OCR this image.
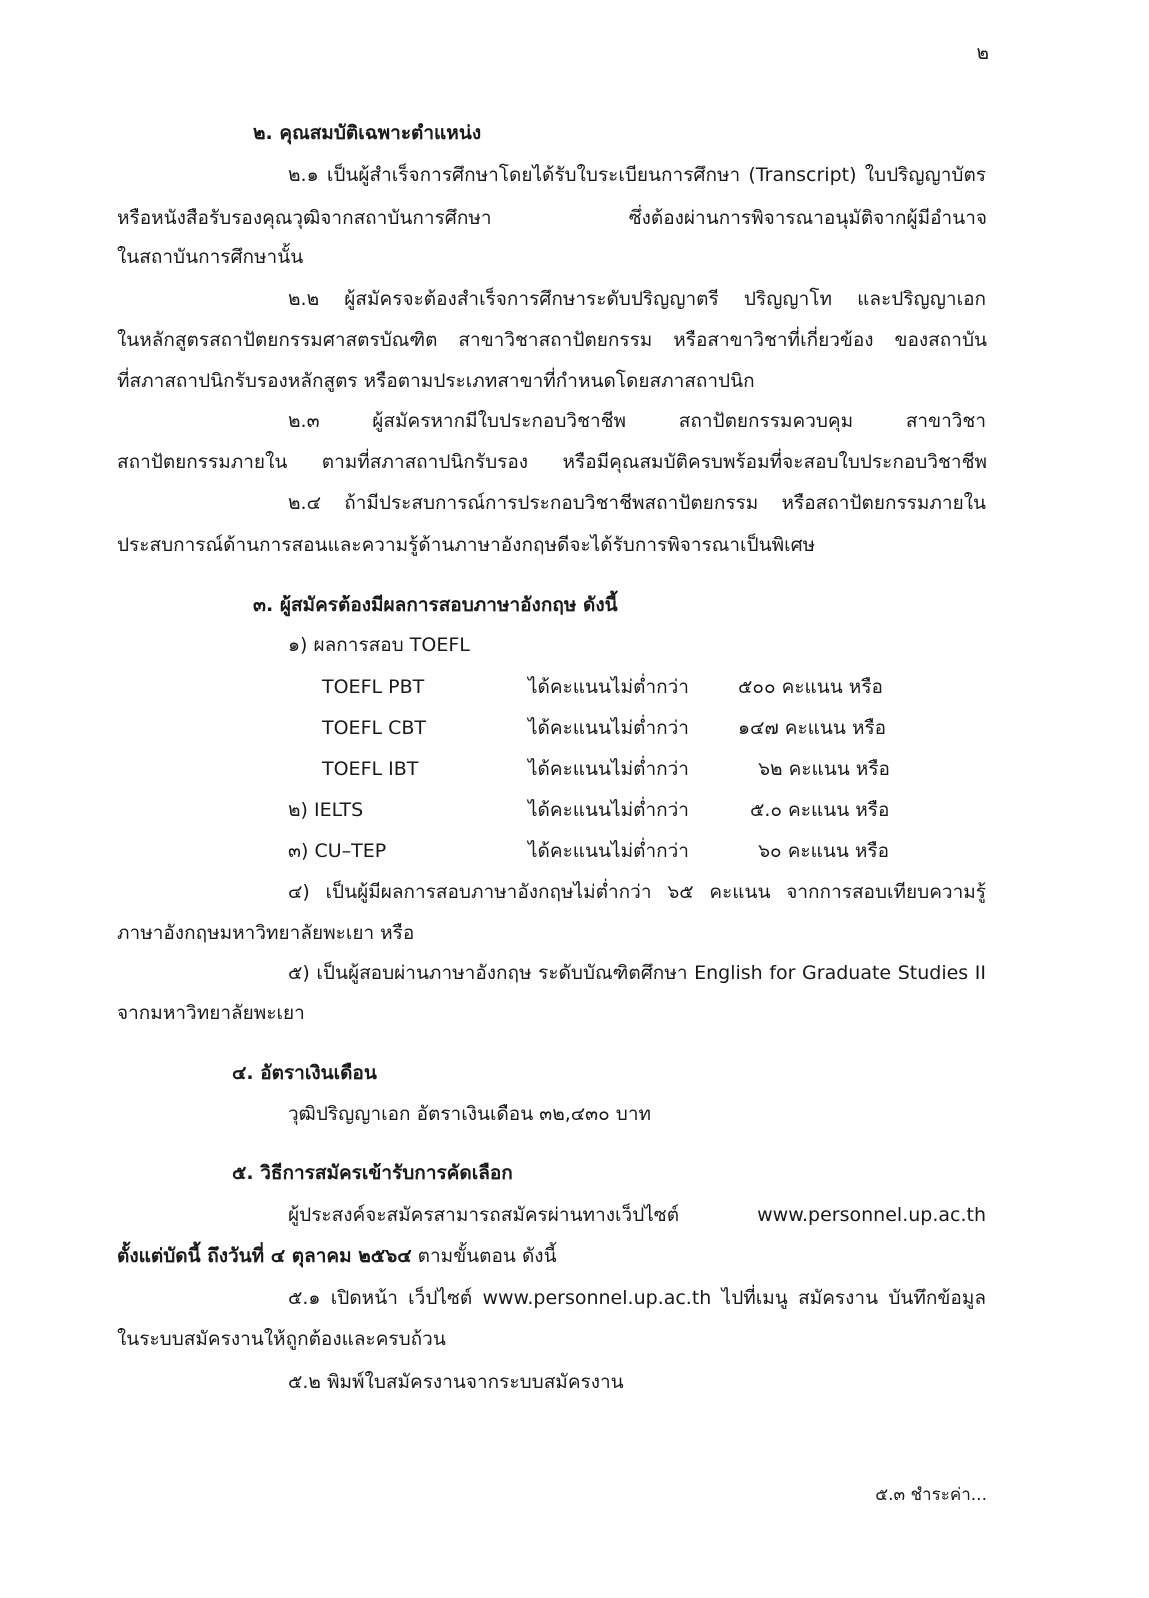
๒
๒. คุณสมบัติเฉพาะตำแหน่ง
๒.๑ เป็นผู้สำเร็จการศึกษาโดยได้รับใบระเบียนการศึกษา (Transcript) ใบปริญญาบัตร
หรือหนังสือรับรองคุณวุฒิจากสถาบันการศึกษา ซึ่งต้องผ่านการพิจารณาอนุมัติจากผู้มีอำนาจ
ในสถาบันการศึกษานั้น
๒.๒ ผู้สมัครจะต้องสำเร็จการศึกษาระดับปริญญาตรี ปริญญาโท และปริญญาเอก
ในหลักสูตรสถาปัตยกรรมศาสตรบัณฑิต สาขาวิชาสถาปัตยกรรม หรือสาขาวิชาที่เกี่ยวข้อง ของสถาบัน
ที่สภาสถาปนิกรับรองหลักสูตร หรือตามประเภทสาขาที่กำหนดโดยสภาสถาปนิก
๒.๓ ผู้สมัครหากมีใบประกอบวิชาชีพ สถาปัตยกรรมควบคุม สาขาวิชา
สถาปัตยกรรมภายใน ตามที่สภาสถาปนิกรับรอง หรือมีคุณสมบัติครบพร้อมที่จะสอบใบประกอบวิชาชีพ
๒.๔ ถ้ามีประสบการณ์การประกอบวิชาชีพสถาปัตยกรรม หรือสถาปัตยกรรมภายใน
ประสบการณ์ด้านการสอนและความรู้ด้านภาษาอังกฤษดีจะได้รับการพิจารณาเป็นพิเศษ
๓. ผู้สมัครต้องมีผลการสอบภาษาอังกฤษ ดังนี้
๑) ผลการสอบ TOEFL
TOEFL PBT	ได้คะแนนไม่ต่ำกว่า	๕๐๐ คะแนน หรือ
TOEFL CBT	ได้คะแนนไม่ต่ำกว่า	๑๔๗ คะแนน หรือ
TOEFL IBT	ได้คะแนนไม่ต่ำกว่า	๖๒ คะแนน หรือ
๒) IELTS	ได้คะแนนไม่ต่ำกว่า	๕.๐ คะแนน หรือ
๓) CU–TEP	ได้คะแนนไม่ต่ำกว่า	๖๐ คะแนน หรือ
๔) เป็นผู้มีผลการสอบภาษาอังกฤษไม่ต่ำกว่า ๖๕ คะแนน จากการสอบเทียบความรู้
ภาษาอังกฤษมหาวิทยาลัยพะเยา หรือ
๕) เป็นผู้สอบผ่านภาษาอังกฤษ ระดับบัณฑิตศึกษา English for Graduate Studies II
จากมหาวิทยาลัยพะเยา
๔. อัตราเงินเดือน
วุฒิปริญญาเอก อัตราเงินเดือน ๓๒,๔๓๐ บาท
๕. วิธีการสมัครเข้ารับการคัดเลือก
ผู้ประสงค์จะสมัครสามารถสมัครผ่านทางเว็ปไซต์ www.personnel.up.ac.th
ตั้งแต่บัดนี้ ถึงวันที่ ๔ ตุลาคม ๒๕๖๔ ตามขั้นตอน ดังนี้
๕.๑ เปิดหน้า เว็ปไซต์ www.personnel.up.ac.th ไปที่เมนู สมัครงาน บันทึกข้อมูล
ในระบบสมัครงานให้ถูกต้องและครบถ้วน
๕.๒ พิมพ์ใบสมัครงานจากระบบสมัครงาน
๕.๓ ชำระค่า...
